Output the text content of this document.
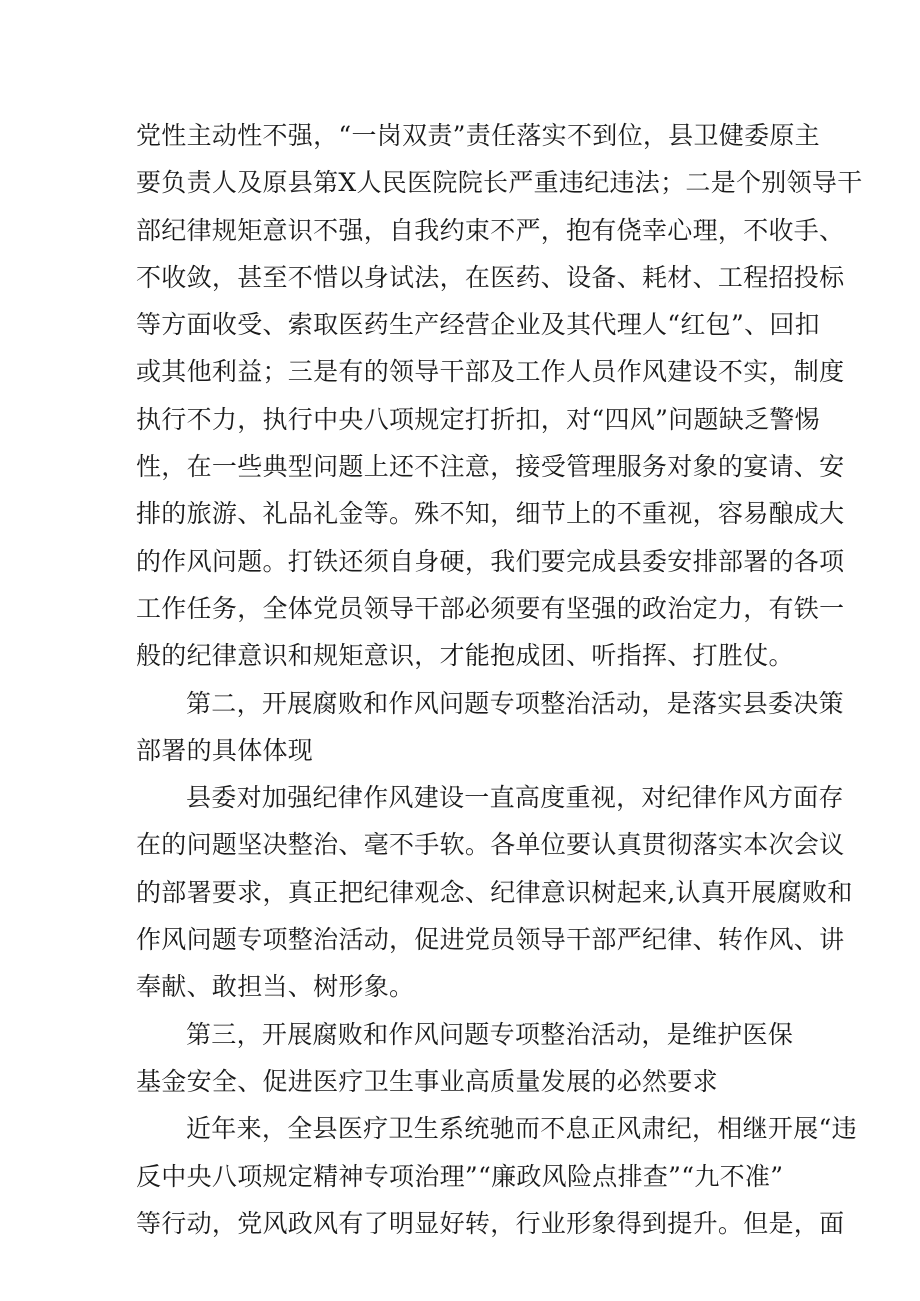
党性主动性不强，“一岗双责”责任落实不到位，县卫健委原主
要负责人及原县第X人民医院院长严重违纪违法；二是个别领导干
部纪律规矩意识不强，自我约束不严，抱有侥幸心理，不收手、
不收敛，甚至不惜以身试法，在医药、设备、耗材、工程招投标
等方面收受、索取医药生产经营企业及其代理人“红包”、回扣
或其他利益；三是有的领导干部及工作人员作风建设不实，制度
执行不力，执行中央八项规定打折扣，对“四风”问题缺乏警惕
性，在一些典型问题上还不注意，接受管理服务对象的宴请、安
排的旅游、礼品礼金等。殊不知，细节上的不重视，容易酿成大
的作风问题。打铁还须自身硬，我们要完成县委安排部署的各项
工作任务，全体党员领导干部必须要有坚强的政治定力，有铁一
般的纪律意识和规矩意识，才能抱成团、听指挥、打胜仗。
第二，开展腐败和作风问题专项整治活动，是落实县委决策
部署的具体体现
县委对加强纪律作风建设一直高度重视，对纪律作风方面存
在的问题坚决整治、毫不手软。各单位要认真贯彻落实本次会议
的部署要求，真正把纪律观念、纪律意识树起来,认真开展腐败和
作风问题专项整治活动，促进党员领导干部严纪律、转作风、讲
奉献、敢担当、树形象。
第三，开展腐败和作风问题专项整治活动，是维护医保
基金安全、促进医疗卫生事业高质量发展的必然要求
近年来，全县医疗卫生系统驰而不息正风肃纪，相继开展“违
反中央八项规定精神专项治理”“廉政风险点排查”“九不准”
等行动，党风政风有了明显好转，行业形象得到提升。但是，面
